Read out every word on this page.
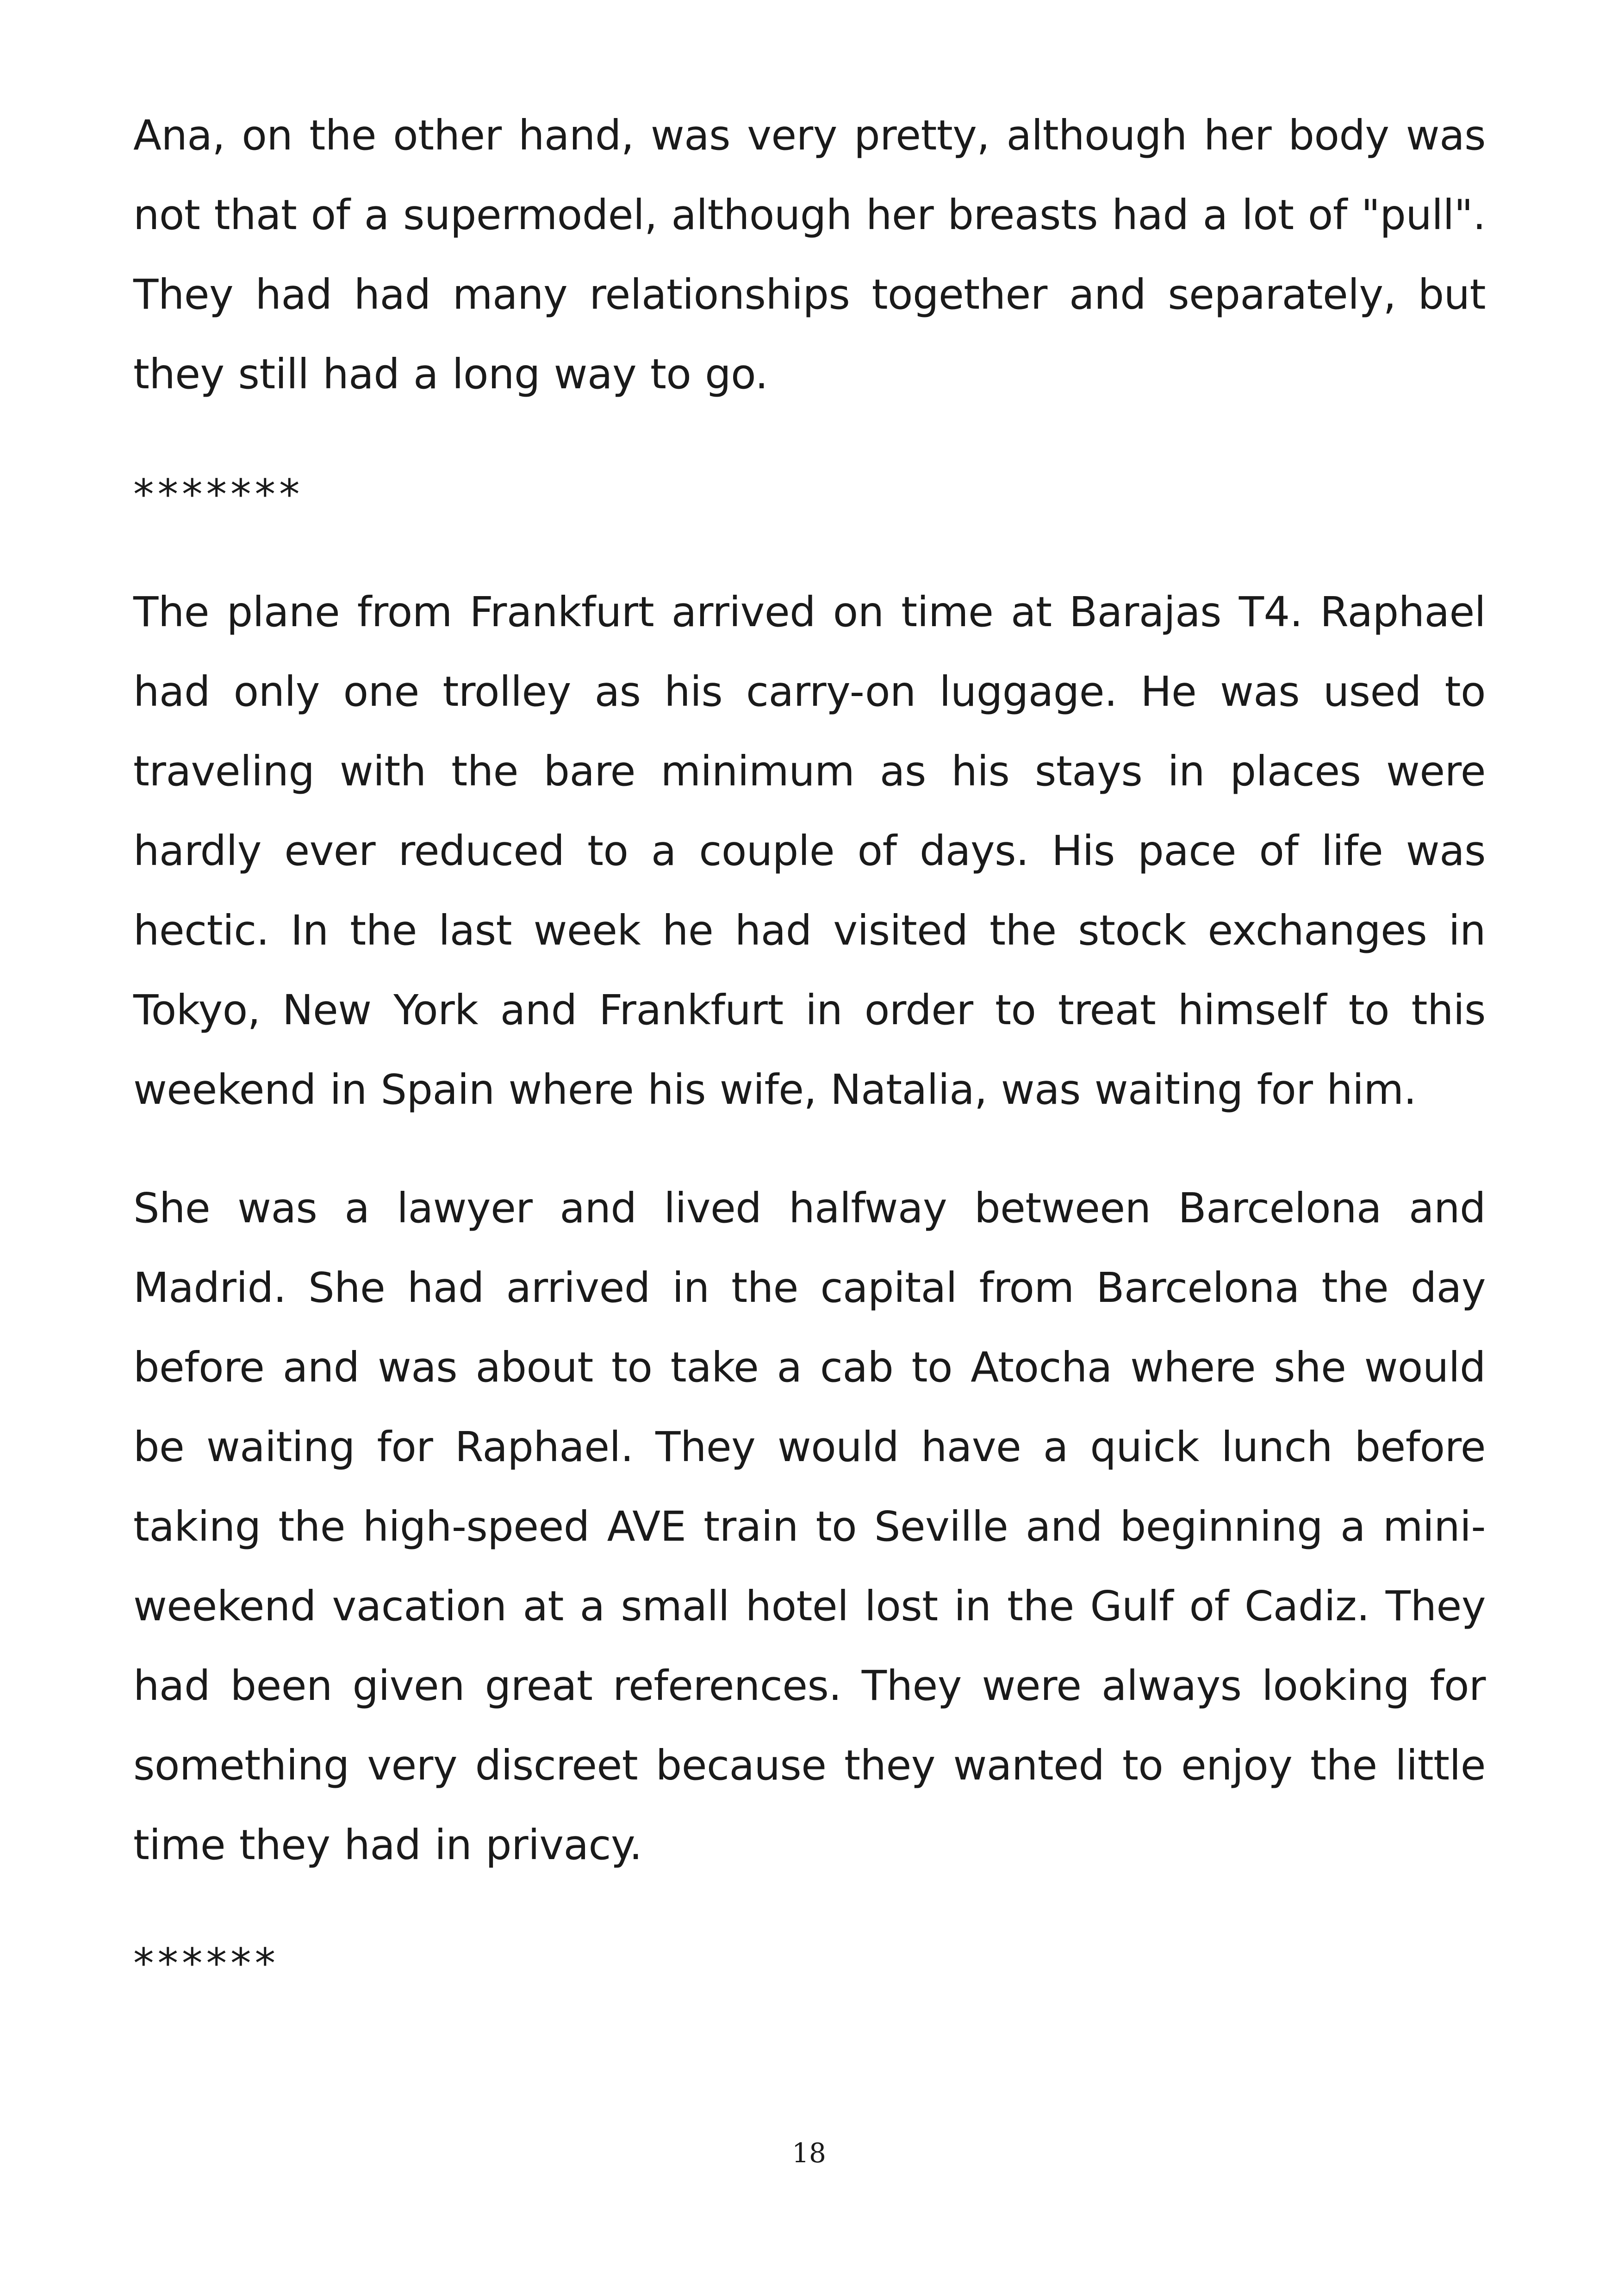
Ana, on the other hand, was very pretty, although her body was not that of a supermodel, although her breasts had a lot of "pull". They had had many relationships together and separately, but they still had a long way to go.

*******

The plane from Frankfurt arrived on time at Barajas T4. Raphael had only one trolley as his carry-on luggage. He was used to traveling with the bare minimum as his stays in places were hardly ever reduced to a couple of days. His pace of life was hectic. In the last week he had visited the stock exchanges in Tokyo, New York and Frankfurt in order to treat himself to this weekend in Spain where his wife, Natalia, was waiting for him.

She was a lawyer and lived halfway between Barcelona and Madrid. She had arrived in the capital from Barcelona the day before and was about to take a cab to Atocha where she would be waiting for Raphael. They would have a quick lunch before taking the high-speed AVE train to Seville and beginning a mini-weekend vacation at a small hotel lost in the Gulf of Cadiz. They had been given great references. They were always looking for something very discreet because they wanted to enjoy the little time they had in privacy.

******

18
